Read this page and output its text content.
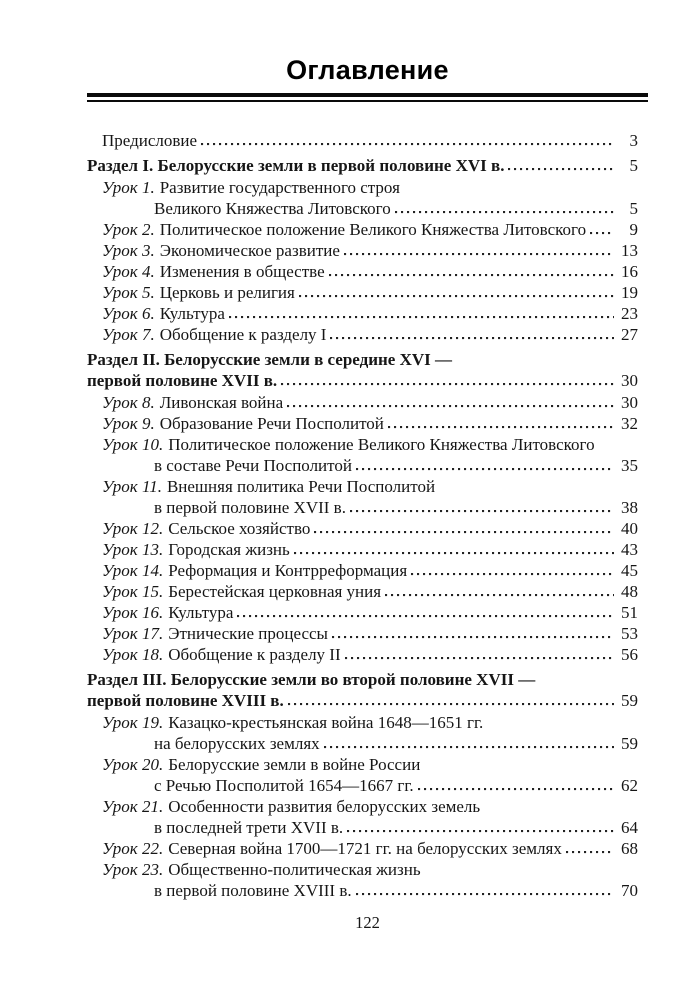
Оглавление
Предисловие	3
Раздел I. Белорусские земли в первой половине XVI в.	5
Урок 1. Развитие государственного строя
Великого Княжества Литовского	5
Урок 2. Политическое положение Великого Княжества Литовского	9
Урок 3. Экономическое развитие	13
Урок 4. Изменения в обществе	16
Урок 5. Церковь и религия	19
Урок 6. Культура	23
Урок 7. Обобщение к разделу I	27
Раздел II. Белорусские земли в середине XVI —
первой половине XVII в.	30
Урок 8. Ливонская война	30
Урок 9. Образование Речи Посполитой	32
Урок 10. Политическое положение Великого Княжества Литовского
в составе Речи Посполитой	35
Урок 11. Внешняя политика Речи Посполитой
в первой половине XVII в.	38
Урок 12. Сельское хозяйство	40
Урок 13. Городская жизнь	43
Урок 14. Реформация и Контрреформация	45
Урок 15. Берестейская церковная уния	48
Урок 16. Культура	51
Урок 17. Этнические процессы	53
Урок 18. Обобщение к разделу II	56
Раздел III. Белорусские земли во второй половине XVII —
первой половине XVIII в.	59
Урок 19. Казацко-крестьянская война 1648—1651 гг.
на белорусских землях	59
Урок 20. Белорусские земли в войне России
с Речью Посполитой 1654—1667 гг.	62
Урок 21. Особенности развития белорусских земель
в последней трети XVII в.	64
Урок 22. Северная война 1700—1721 гг. на белорусских землях	68
Урок 23. Общественно-политическая жизнь
в первой половине XVIII в.	70
122
